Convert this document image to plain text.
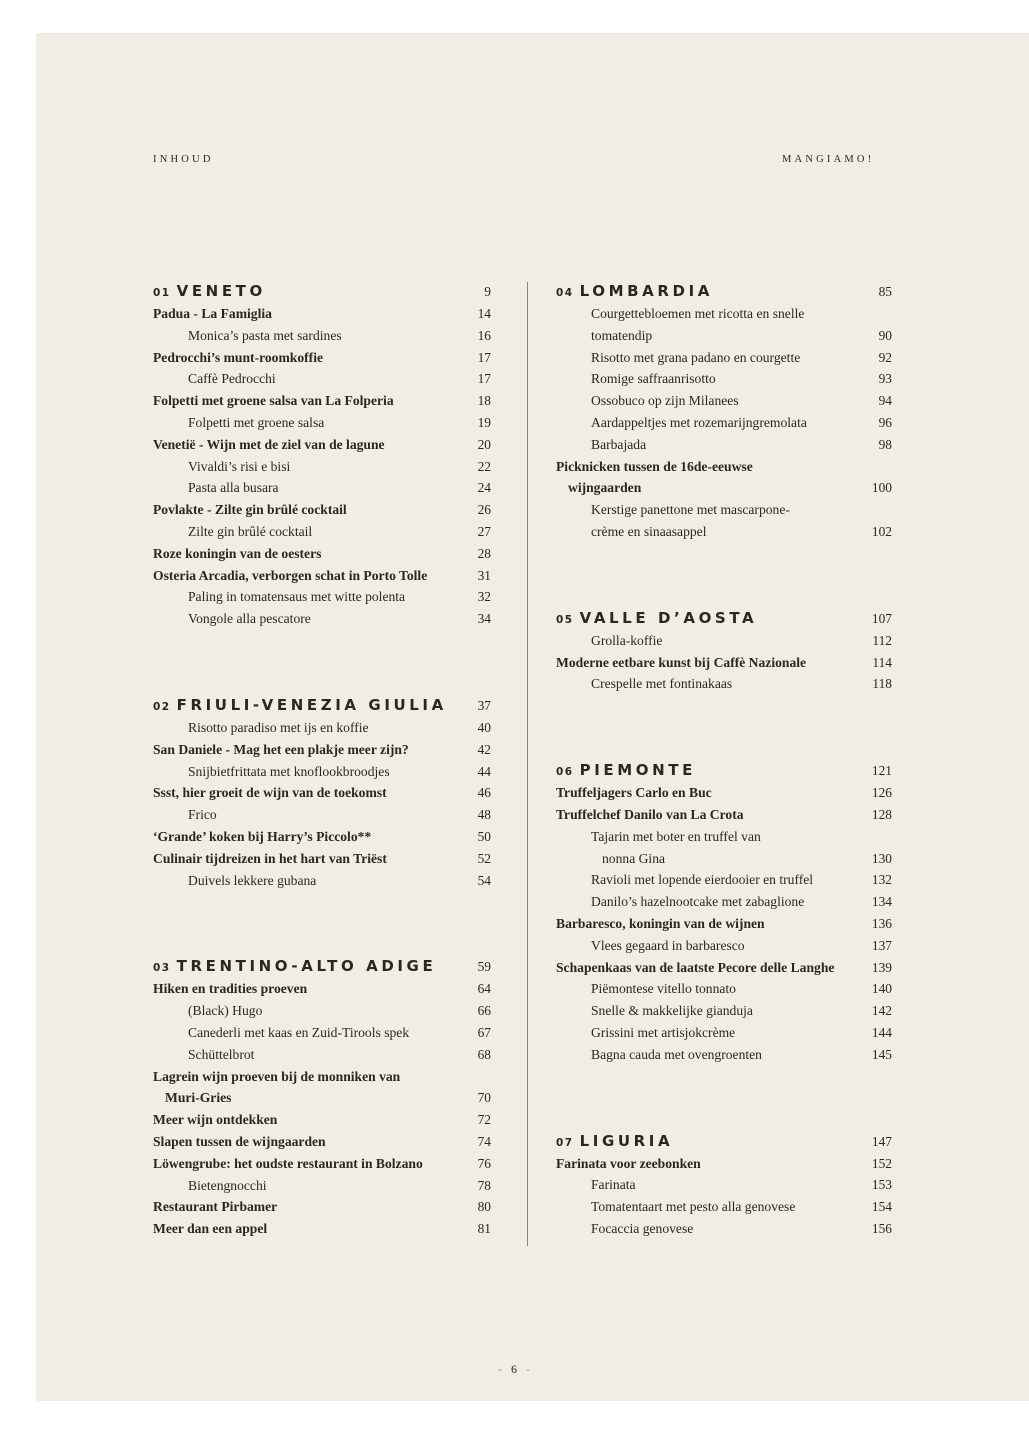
INHOUD	MANGIAMO!
01 VENETO	9
Padua - La Famiglia	14
Monica’s pasta met sardines	16
Pedrocchi’s munt-roomkoffie	17
Caffè Pedrocchi	17
Folpetti met groene salsa van La Folperia	18
Folpetti met groene salsa	19
Venetië - Wijn met de ziel van de lagune	20
Vivaldi’s risi e bisi	22
Pasta alla busara	24
Povlakte - Zilte gin brûlé cocktail	26
Zilte gin brûlé cocktail	27
Roze koningin van de oesters	28
Osteria Arcadia, verborgen schat in Porto Tolle	31
Paling in tomatensaus met witte polenta	32
Vongole alla pescatore	34
02 FRIULI-VENEZIA GIULIA	37
Risotto paradiso met ijs en koffie	40
San Daniele - Mag het een plakje meer zijn?	42
Snijbietfrittata met knoflookbroodjes	44
Ssst, hier groeit de wijn van de toekomst	46
Frico	48
‘Grande’ koken bij Harry’s Piccolo**	50
Culinair tijdreizen in het hart van Triëst	52
Duivels lekkere gubana	54
03 TRENTINO-ALTO ADIGE	59
Hiken en tradities proeven	64
(Black) Hugo	66
Canederli met kaas en Zuid-Tirools spek	67
Schüttelbrot	68
Lagrein wijn proeven bij de monniken van
Muri-Gries	70
Meer wijn ontdekken	72
Slapen tussen de wijngaarden	74
Löwengrube: het oudste restaurant in Bolzano	76
Bietengnocchi	78
Restaurant Pirbamer	80
Meer dan een appel	81
04 LOMBARDIA	85
Courgettebloemen met ricotta en snelle
tomatendip	90
Risotto met grana padano en courgette	92
Romige saffraanrisotto	93
Ossobuco op zijn Milanees	94
Aardappeltjes met rozemarijngremolata	96
Barbajada	98
Picknicken tussen de 16de-eeuwse
wijngaarden	100
Kerstige panettone met mascarpone-
crème en sinaasappel	102
05 VALLE D’AOSTA	107
Grolla-koffie	112
Moderne eetbare kunst bij Caffè Nazionale	114
Crespelle met fontinakaas	118
06 PIEMONTE	121
Truffeljagers Carlo en Buc	126
Truffelchef Danilo van La Crota	128
Tajarin met boter en truffel van
nonna Gina	130
Ravioli met lopende eierdooier en truffel	132
Danilo’s hazelnootcake met zabaglione	134
Barbaresco, koningin van de wijnen	136
Vlees gegaard in barbaresco	137
Schapenkaas van de laatste Pecore delle Langhe	139
Piëmontese vitello tonnato	140
Snelle & makkelijke gianduja	142
Grissini met artisjokcrème	144
Bagna cauda met ovengroenten	145
07 LIGURIA	147
Farinata voor zeebonken	152
Farinata	153
Tomatentaart met pesto alla genovese	154
Focaccia genovese	156
- 6 -
